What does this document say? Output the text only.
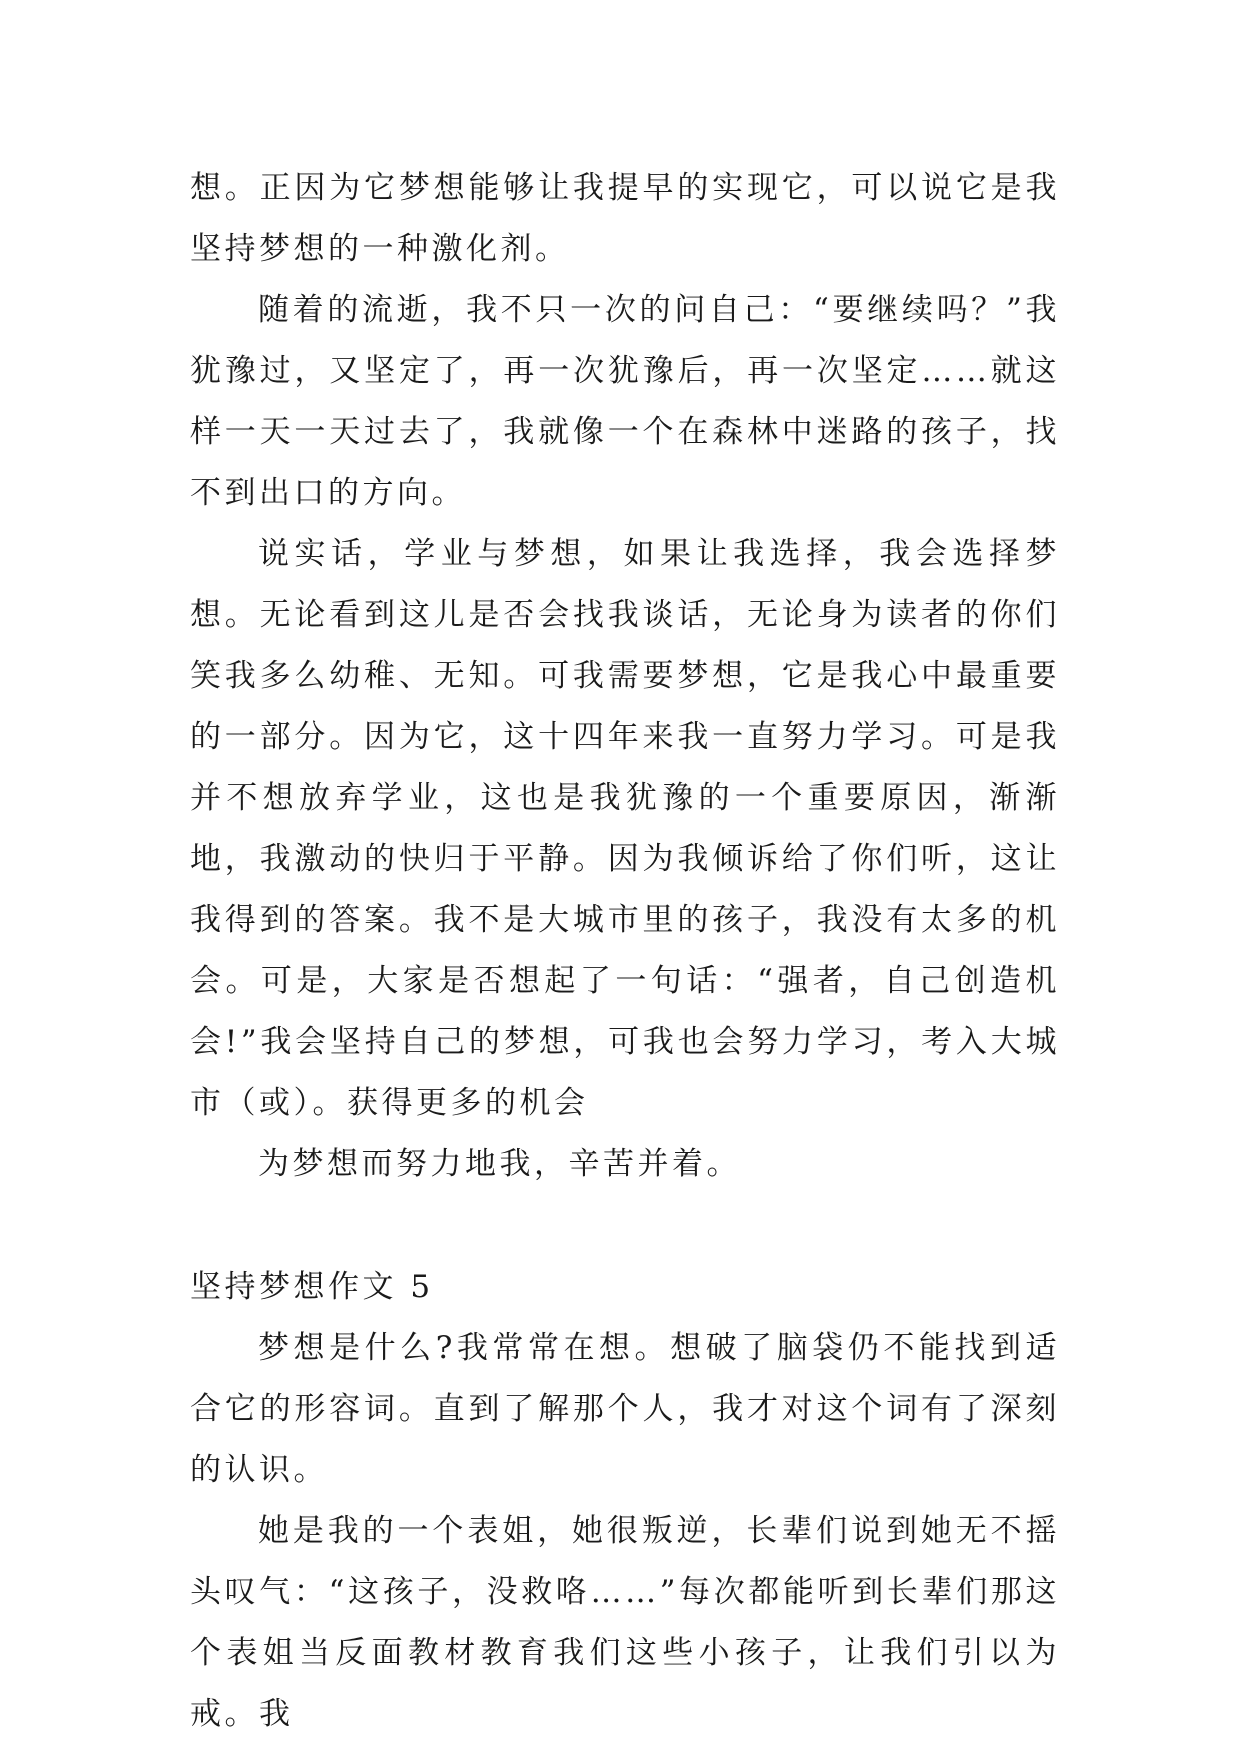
想。正因为它梦想能够让我提早的实现它，可以说它是我坚持梦想的一种激化剂。

随着的流逝，我不只一次的问自己：“要继续吗？”我犹豫过，又坚定了，再一次犹豫后，再一次坚定……就这样一天一天过去了，我就像一个在森林中迷路的孩子，找不到出口的方向。

说实话，学业与梦想，如果让我选择，我会选择梦想。无论看到这儿是否会找我谈话，无论身为读者的你们笑我多么幼稚、无知。可我需要梦想，它是我心中最重要的一部分。因为它，这十四年来我一直努力学习。可是我并不想放弃学业，这也是我犹豫的一个重要原因，渐渐地，我激动的快归于平静。因为我倾诉给了你们听，这让我得到的答案。我不是大城市里的孩子，我没有太多的机会。可是，大家是否想起了一句话：“强者，自己创造机会!”我会坚持自己的梦想，可我也会努力学习，考入大城市（或）。获得更多的机会

为梦想而努力地我，辛苦并着。

坚持梦想作文 5

梦想是什么?我常常在想。想破了脑袋仍不能找到适合它的形容词。直到了解那个人，我才对这个词有了深刻的认识。

她是我的一个表姐，她很叛逆，长辈们说到她无不摇头叹气：“这孩子，没救咯……”每次都能听到长辈们那这个表姐当反面教材教育我们这些小孩子，让我们引以为戒。我
